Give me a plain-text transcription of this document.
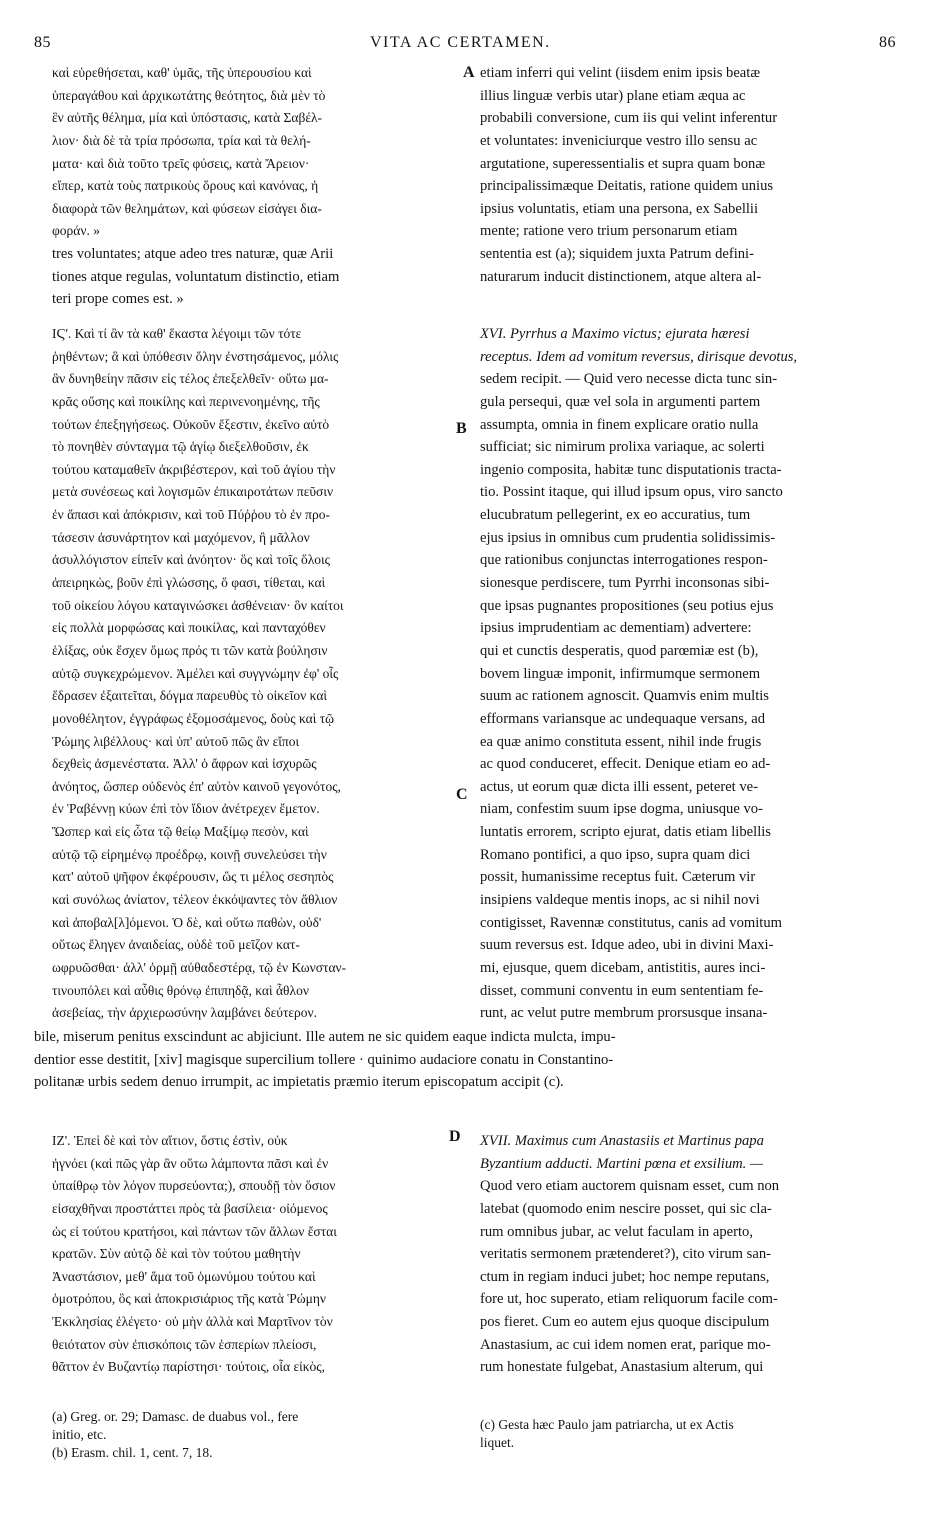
85	VITA AC CERTAMEN.	86
A
B
C
D
καὶ εὑρεθήσεται, καθ' ὑμᾶς, τῆς ὑπερουσίου καὶ
ὑπεραγάθου καὶ ἀρχικωτάτης θεότητος, διὰ μὲν τὸ
ἓν αὐτῆς θέλημα, μία καὶ ὑπόστασις, κατὰ Σαβέλ-
λιον· διὰ δὲ τὰ τρία πρόσωπα, τρία καὶ τὰ θελή-
ματα· καὶ διὰ τοῦτο τρεῖς φύσεις, κατὰ Ἄρειον·
εἴπερ, κατὰ τοὺς πατρικοὺς ὅρους καὶ κανόνας, ἡ
διαφορὰ τῶν θελημάτων, καὶ φύσεων εἰσάγει δια-
φοράν. »
etiam inferri qui velint (iisdem enim ipsis beatæ
illius linguæ verbis utar) plane etiam æqua ac
probabili conversione, cum iis qui velint inferentur
et voluntates: inveniciurque vestro illo sensu ac
argutatione, superessentialis et supra quam bonæ
principalissimæque Deitatis, ratione quidem unius
ipsius voluntatis, etiam una persona, ex Sabellii
mente; ratione vero trium personarum etiam
tres voluntates; atque adeo tres naturæ, quæ Arii
tiones atque regulas, voluntatum distinctio, etiam
teri prope comes est. »
sententia est (a); siquidem juxta Patrum defini-
naturarum inducit distinctionem, atque altera al-
ΙϚ'. Καὶ τί ἂν τὰ καθ' ἕκαστα λέγοιμι τῶν τότε
ῥηθέντων; ἃ καὶ ὑπόθεσιν ὅλην ἐνστησάμενος, μόλις
ἂν δυνηθείην πᾶσιν εἰς τέλος ἐπεξελθεῖν· οὕτω μα-
κρᾶς οὔσης καὶ ποικίλης καὶ περινενοημένης, τῆς
τούτων ἐπεξηγήσεως. Οὐκοῦν ἔξεστιν, ἐκεῖνο αὐτὸ
τὸ πονηθὲν σύνταγμα τῷ ἁγίῳ διεξελθοῦσιν, ἐκ
τούτου καταμαθεῖν ἀκριβέστερον, καὶ τοῦ ἁγίου τὴν
μετὰ συνέσεως καὶ λογισμῶν ἐπικαιροτάτων πεῦσιν
ἐν ἅπασι καὶ ἀπόκρισιν, καὶ τοῦ Πύῤῥου τὸ ἐν προ-
τάσεσιν ἀσυνάρτητον καὶ μαχόμενον, ἢ μᾶλλον
ἀσυλλόγιστον εἰπεῖν καὶ ἀνόητον· ὃς καὶ τοῖς ὅλοις
ἀπειρηκὼς, βοῦν ἐπὶ γλώσσης, ὅ φασι, τίθεται, καὶ
τοῦ οἰκείου λόγου καταγινώσκει ἀσθένειαν· ὃν καίτοι
εἰς πολλὰ μορφώσας καὶ ποικίλας, καὶ πανταχόθεν
ἑλίξας, οὐκ ἔσχεν ὅμως πρός τι τῶν κατὰ βούλησιν
αὐτῷ συγκεχρώμενον. Ἀμέλει καὶ συγγνώμην ἐφ' οἷς
ἔδρασεν ἐξαιτεῖται, δόγμα παρευθὺς τὸ οἰκεῖον καὶ
μονοθέλητον, ἐγγράφως ἐξομοσάμενος, δοὺς καὶ τῷ
Ῥώμης λιβέλλους· καὶ ὑπ' αὐτοῦ πῶς ἂν εἴποι
δεχθεὶς ἀσμενέστατα. Ἀλλ' ὁ ἄφρων καὶ ἰσχυρῶς
ἀνόητος, ὥσπερ οὐδενὸς ἐπ' αὐτὸν καινοῦ γεγονότος,
ἐν Ῥαβέννῃ κύων ἐπὶ τὸν ἴδιον ἀνέτρεχεν ἔμετον.
Ὥσπερ καὶ εἰς ὦτα τῷ θείῳ Μαξίμῳ πεσὸν, καὶ
αὐτῷ τῷ εἰρημένῳ προέδρῳ, κοινῇ συνελεύσει τὴν
κατ' αὐτοῦ ψῆφον ἐκφέρουσιν, ὥς τι μέλος σεσηπὸς
καὶ συνόλως ἀνίατον, τέλεον ἐκκόψαντες τὸν ἄθλιον
καὶ ἀποβαλ[λ]όμενοι. Ὁ δὲ, καὶ οὕτω παθὼν, οὐδ'
οὕτως ἔληγεν ἀναιδείας, οὐδὲ τοῦ μεῖζον κατ-
ωφρυῶσθαι· ἀλλ' ὁρμῇ αὐθαδεστέρᾳ, τῷ ἐν Κωνσταν-
τινουπόλει καὶ αὖθις θρόνῳ ἐπιπηδᾷ, καὶ ἆθλον
ἀσεβείας, τὴν ἀρχιερωσύνην λαμβάνει δεύτερον.
XVI. Pyrrhus a Maximo victus; ejurata hæresi
receptus. Idem ad vomitum reversus, dirisque devotus,
sedem recipit. — Quid vero necesse dicta tunc sin-
gula persequi, quæ vel sola in argumenti partem
assumpta, omnia in finem explicare oratio nulla
sufficiat; sic nimirum prolixa variaque, ac solerti
ingenio composita, habitæ tunc disputationis tracta-
tio. Possint itaque, qui illud ipsum opus, viro sancto
elucubratum pellegerint, ex eo accuratius, tum
ejus ipsius in omnibus cum prudentia solidissimis-
que rationibus conjunctas interrogationes respon-
sionesque perdiscere, tum Pyrrhi inconsonas sibi-
que ipsas pugnantes propositiones (seu potius ejus
ipsius imprudentiam ac dementiam) advertere:
qui et cunctis desperatis, quod parœmiæ est (b),
bovem linguæ imponit, infirmumque sermonem
suum ac rationem agnoscit. Quamvis enim multis
efformans variansque ac undequaque versans, ad
ea quæ animo constituta essent, nihil inde frugis
ac quod conduceret, effecit. Denique etiam eo ad-
actus, ut eorum quæ dicta illi essent, peteret ve-
niam, confestim suum ipse dogma, uniusque vo-
luntatis errorem, scripto ejurat, datis etiam libellis
Romano pontifici, a quo ipso, supra quam dici
possit, humanissime receptus fuit. Cæterum vir
insipiens valdeque mentis inops, ac si nihil novi
contigisset, Ravennæ constitutus, canis ad vomitum
suum reversus est. Idque adeo, ubi in divini Maxi-
mi, ejusque, quem dicebam, antistitis, aures inci-
disset, communi conventu in eum sententiam fe-
runt, ac velut putre membrum prorsusque insana-
bile, miserum penitus exscindunt ac abjiciunt. Ille autem ne sic quidem eaque indicta mulcta, impu-
dentior esse destitit, [xiv] magisque supercilium tollere · quinimo audaciore conatu in Constantino-
politanæ urbis sedem denuo irrumpit, ac impietatis præmio iterum episcopatum accipit (c).
ΙΖ'. Ἐπεὶ δὲ καὶ τὸν αἴτιον, ὅστις ἐστὶν, οὐκ
ἠγνόει (καὶ πῶς γὰρ ἂν οὕτω λάμποντα πᾶσι καὶ ἐν
ὑπαίθρῳ τὸν λόγον πυρσεύοντα;), σπουδῇ τὸν ὅσιον
εἰσαχθῆναι προστάττει πρὸς τὰ βασίλεια· οἰόμενος
ὡς εἰ τούτου κρατήσοι, καὶ πάντων τῶν ἄλλων ἔσται
κρατῶν. Σὺν αὐτῷ δὲ καὶ τὸν τούτου μαθητὴν
Ἀναστάσιον, μεθ' ἅμα τοῦ ὁμωνύμου τούτου καὶ
ὁμοτρόπου, ὃς καὶ ἀποκρισιάριος τῆς κατὰ Ῥώμην
Ἐκκλησίας ἐλέγετο· οὐ μὴν ἀλλὰ καὶ Μαρτῖνον τὸν
θειότατον σὺν ἐπισκόποις τῶν ἑσπερίων πλείοσι,
θᾶττον ἐν Βυζαντίῳ παρίστησι· τούτοις, οἷα εἰκὸς,
XVII. Maximus cum Anastasiis et Martinus papa
Byzantium adducti. Martini pœna et exsilium. —
Quod vero etiam auctorem quisnam esset, cum non
latebat (quomodo enim nescire posset, qui sic cla-
rum omnibus jubar, ac velut faculam in aperto,
veritatis sermonem prætenderet?), cito virum san-
ctum in regiam induci jubet; hoc nempe reputans,
fore ut, hoc superato, etiam reliquorum facile com-
pos fieret. Cum eo autem ejus quoque discipulum
Anastasium, ac cui idem nomen erat, parique mo-
rum honestate fulgebat, Anastasium alterum, qui
(a) Greg. or. 29; Damasc. de duabus vol., fere
initio, etc.
(b) Erasm. chil. 1, cent. 7, 18.
(c) Gesta hæc Paulo jam patriarcha, ut ex Actis
liquet.
